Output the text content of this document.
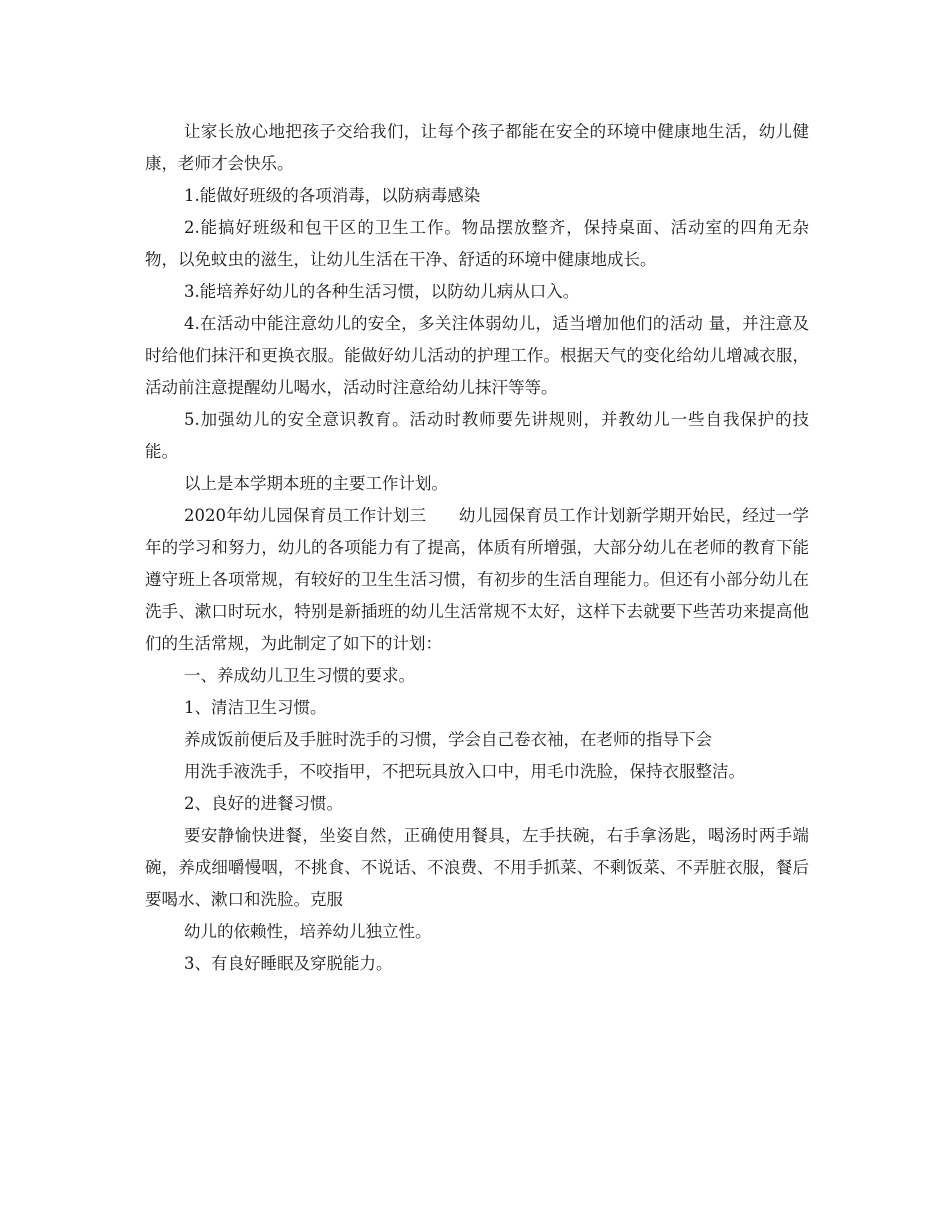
让家长放心地把孩子交给我们，让每个孩子都能在安全的环境中健康地生活，幼儿健康，老师才会快乐。

1.能做好班级的各项消毒，以防病毒感染

2.能搞好班级和包干区的卫生工作。物品摆放整齐，保持桌面、活动室的四角无杂物，以免蚊虫的滋生，让幼儿生活在干净、舒适的环境中健康地成长。

3.能培养好幼儿的各种生活习惯，以防幼儿病从口入。

4.在活动中能注意幼儿的安全，多关注体弱幼儿，适当增加他们的活动 量，并注意及时给他们抹汗和更换衣服。能做好幼儿活动的护理工作。根据天气的变化给幼儿增减衣服，活动前注意提醒幼儿喝水，活动时注意给幼儿抹汗等等。

5.加强幼儿的安全意识教育。活动时教师要先讲规则，并教幼儿一些自我保护的技能。

以上是本学期本班的主要工作计划。

2020年幼儿园保育员工作计划三      幼儿园保育员工作计划新学期开始民，经过一学年的学习和努力，幼儿的各项能力有了提高，体质有所增强，大部分幼儿在老师的教育下能遵守班上各项常规，有较好的卫生生活习惯，有初步的生活自理能力。但还有小部分幼儿在洗手、漱口时玩水，特别是新插班的幼儿生活常规不太好，这样下去就要下些苦功来提高他们的生活常规，为此制定了如下的计划：

一、养成幼儿卫生习惯的要求。

1、清洁卫生习惯。

养成饭前便后及手脏时洗手的习惯，学会自己卷衣袖，在老师的指导下会

用洗手液洗手，不咬指甲，不把玩具放入口中，用毛巾洗脸，保持衣服整洁。

2、良好的进餐习惯。

要安静愉快进餐，坐姿自然，正确使用餐具，左手扶碗，右手拿汤匙，喝汤时两手端碗，养成细嚼慢咽，不挑食、不说话、不浪费、不用手抓菜、不剩饭菜、不弄脏衣服，餐后要喝水、漱口和洗脸。克服

幼儿的依赖性，培养幼儿独立性。

3、有良好睡眠及穿脱能力。
